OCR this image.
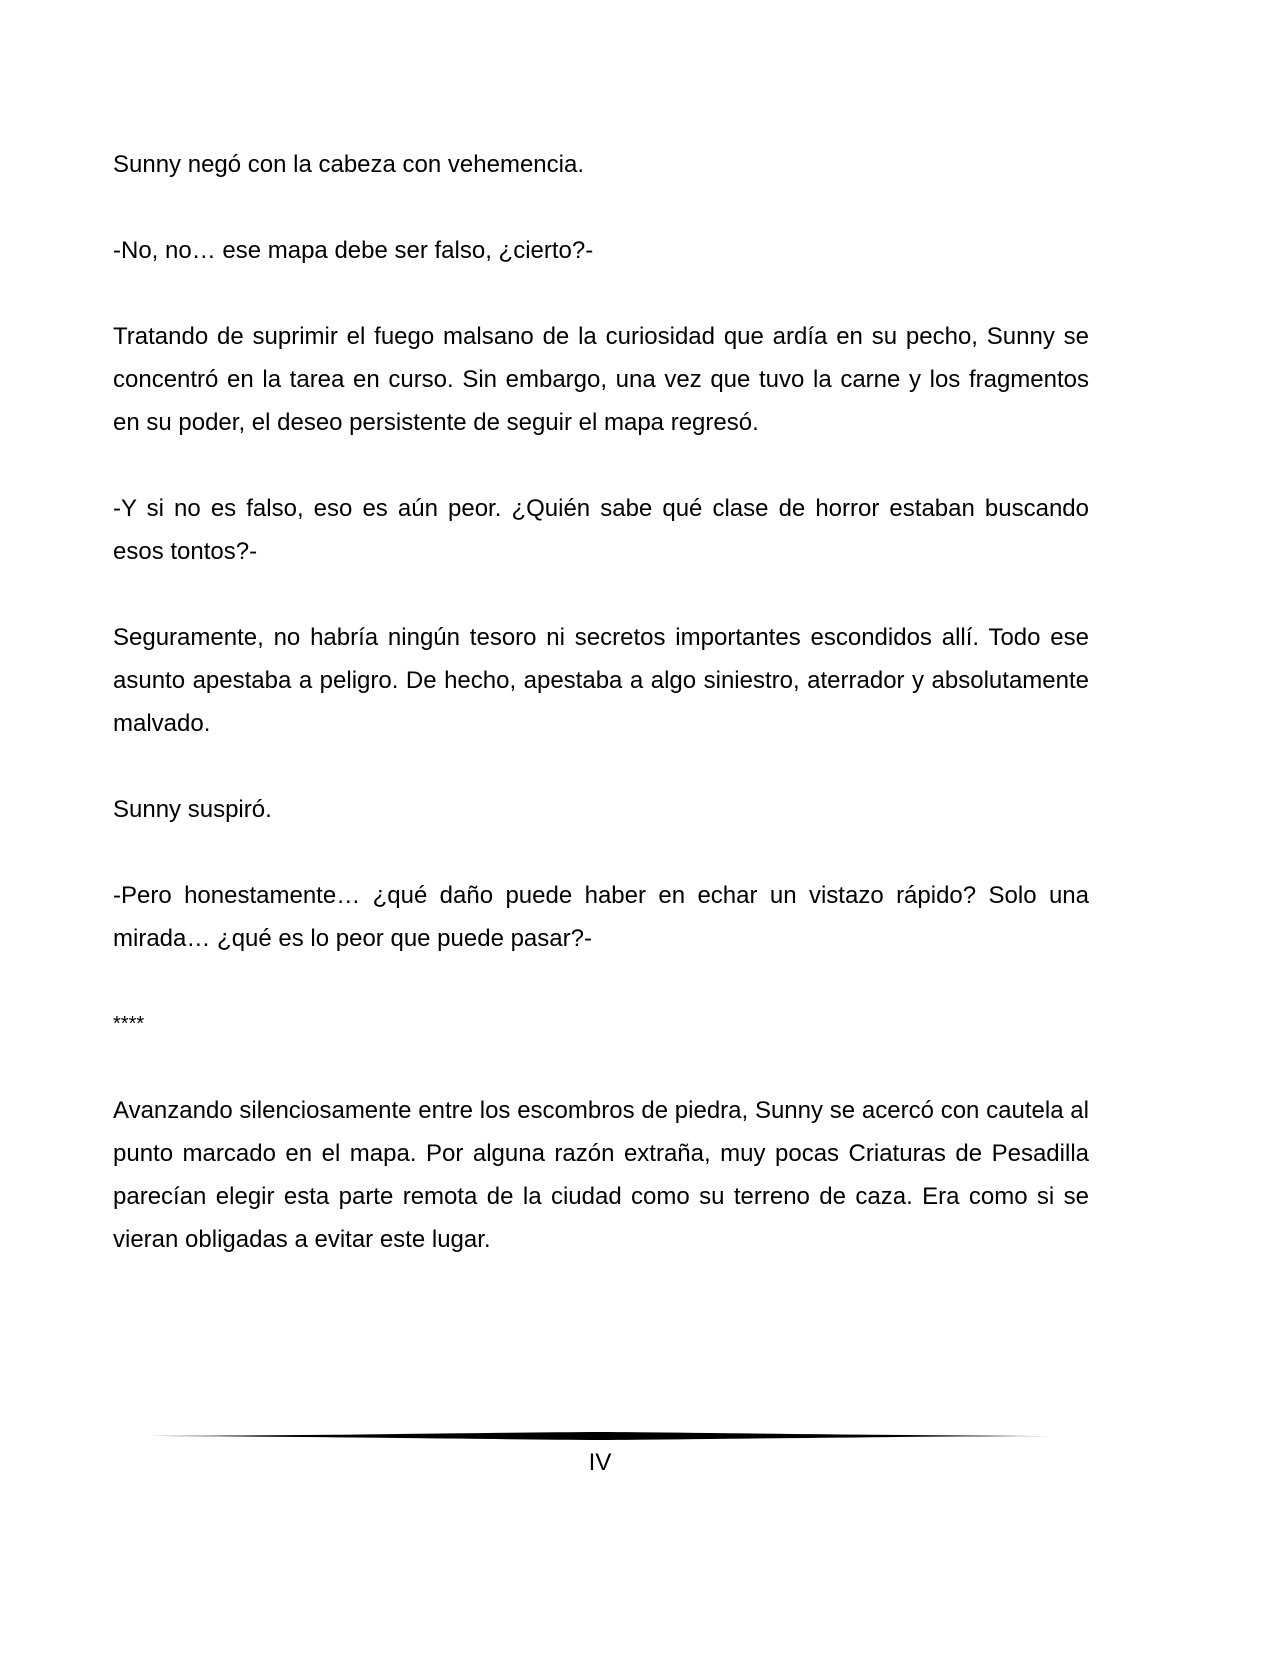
Sunny negó con la cabeza con vehemencia.

-No, no… ese mapa debe ser falso, ¿cierto?-

Tratando de suprimir el fuego malsano de la curiosidad que ardía en su pecho, Sunny se concentró en la tarea en curso. Sin embargo, una vez que tuvo la carne y los fragmentos en su poder, el deseo persistente de seguir el mapa regresó.

-Y si no es falso, eso es aún peor. ¿Quién sabe qué clase de horror estaban buscando esos tontos?-

Seguramente, no habría ningún tesoro ni secretos importantes escondidos allí. Todo ese asunto apestaba a peligro. De hecho, apestaba a algo siniestro, aterrador y absolutamente malvado.

Sunny suspiró.

-Pero honestamente… ¿qué daño puede haber en echar un vistazo rápido? Solo una mirada… ¿qué es lo peor que puede pasar?-

****

Avanzando silenciosamente entre los escombros de piedra, Sunny se acercó con cautela al punto marcado en el mapa. Por alguna razón extraña, muy pocas Criaturas de Pesadilla parecían elegir esta parte remota de la ciudad como su terreno de caza. Era como si se vieran obligadas a evitar este lugar.

IV
